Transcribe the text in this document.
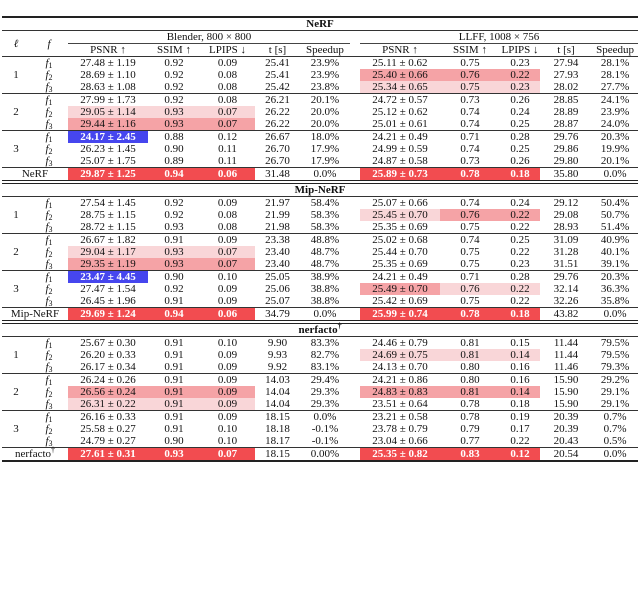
NeRF												
ℓ	f	Blender, 800 × 800						LLFF, 1008 × 756				
		PSNR ↑	SSIM ↑	LPIPS ↓	t [s]	Speedup		PSNR ↑	SSIM ↑	LPIPS ↓	t [s]	Speedup
1	$f_1$	27.48 ± 1.19	0.92	0.09	25.41	23.9%		25.11 ± 0.62	0.75	0.23	27.94	28.1%
	$f_2$	28.69 ± 1.10	0.92	0.08	25.41	23.9%		25.40 ± 0.66	0.76	0.22	27.93	28.1%
	$f_3$	28.63 ± 1.08	0.92	0.08	25.42	23.8%		25.34 ± 0.65	0.75	0.23	28.02	27.7%
2	$f_1$	27.99 ± 1.73	0.92	0.08	26.21	20.1%		24.72 ± 0.57	0.73	0.26	28.85	24.1%
	$f_2$	29.05 ± 1.14	0.93	0.07	26.22	20.0%		25.12 ± 0.62	0.74	0.24	28.89	23.9%
	$f_3$	29.44 ± 1.16	0.93	0.07	26.22	20.0%		25.01 ± 0.61	0.74	0.25	28.87	24.0%
3	$f_1$	24.17 ± 2.45	0.88	0.12	26.67	18.0%		24.21 ± 0.49	0.71	0.28	29.76	20.3%
	$f_2$	26.23 ± 1.45	0.90	0.11	26.70	17.9%		24.99 ± 0.59	0.74	0.25	29.86	19.9%
	$f_3$	25.07 ± 1.75	0.89	0.11	26.70	17.9%		24.87 ± 0.58	0.73	0.26	29.80	20.1%
NeRF		29.87 ± 1.25	0.94	0.06	31.48	0.0%		25.89 ± 0.73	0.78	0.18	35.80	0.0%
Mip-NeRF												
1	$f_1$	27.54 ± 1.45	0.92	0.09	21.97	58.4%		25.07 ± 0.66	0.74	0.24	29.12	50.4%
	$f_2$	28.75 ± 1.15	0.92	0.08	21.99	58.3%		25.45 ± 0.70	0.76	0.22	29.08	50.7%
	$f_3$	28.72 ± 1.15	0.93	0.08	21.98	58.3%		25.35 ± 0.69	0.75	0.22	28.93	51.4%
2	$f_1$	26.67 ± 1.82	0.91	0.09	23.38	48.8%		25.02 ± 0.68	0.74	0.25	31.09	40.9%
	$f_2$	29.04 ± 1.17	0.93	0.07	23.40	48.7%		25.44 ± 0.70	0.75	0.22	31.28	40.1%
	$f_3$	29.35 ± 1.19	0.93	0.07	23.40	48.7%		25.35 ± 0.69	0.75	0.23	31.51	39.1%
3	$f_1$	23.47 ± 4.45	0.90	0.10	25.05	38.9%		24.21 ± 0.49	0.71	0.28	29.76	20.3%
	$f_2$	27.47 ± 1.54	0.92	0.09	25.06	38.8%		25.49 ± 0.70	0.76	0.22	32.14	36.3%
	$f_3$	26.45 ± 1.96	0.91	0.09	25.07	38.8%		25.42 ± 0.69	0.75	0.22	32.26	35.8%
Mip-NeRF		29.69 ± 1.24	0.94	0.06	34.79	0.0%		25.99 ± 0.74	0.78	0.18	43.82	0.0%
nerfacto†
1	$f_1$	25.67 ± 0.30	0.91	0.10	9.90	83.3%		24.46 ± 0.79	0.81	0.15	11.44	79.5%
	$f_2$	26.20 ± 0.33	0.91	0.09	9.93	82.7%		24.69 ± 0.75	0.81	0.14	11.44	79.5%
	$f_3$	26.17 ± 0.34	0.91	0.09	9.92	83.1%		24.13 ± 0.70	0.80	0.16	11.46	79.3%
2	$f_1$	26.24 ± 0.26	0.91	0.09	14.03	29.4%		24.21 ± 0.86	0.80	0.16	15.90	29.2%
	$f_2$	26.56 ± 0.24	0.91	0.09	14.04	29.3%		24.83 ± 0.83	0.81	0.14	15.90	29.1%
	$f_3$	26.31 ± 0.22	0.91	0.09	14.04	29.3%		23.51 ± 0.64	0.78	0.18	15.90	29.1%
3	$f_1$	26.16 ± 0.33	0.91	0.09	18.15	0.0%		23.21 ± 0.58	0.78	0.19	20.39	0.7%
	$f_2$	25.58 ± 0.27	0.91	0.10	18.18	-0.1%		23.78 ± 0.79	0.79	0.17	20.39	0.7%
	$f_3$	24.79 ± 0.27	0.90	0.10	18.17	-0.1%		23.04 ± 0.66	0.77	0.22	20.43	0.5%
nerfacto†		27.61 ± 0.31	0.93	0.07	18.15	0.00%		25.35 ± 0.82	0.83	0.12	20.54	0.0%
